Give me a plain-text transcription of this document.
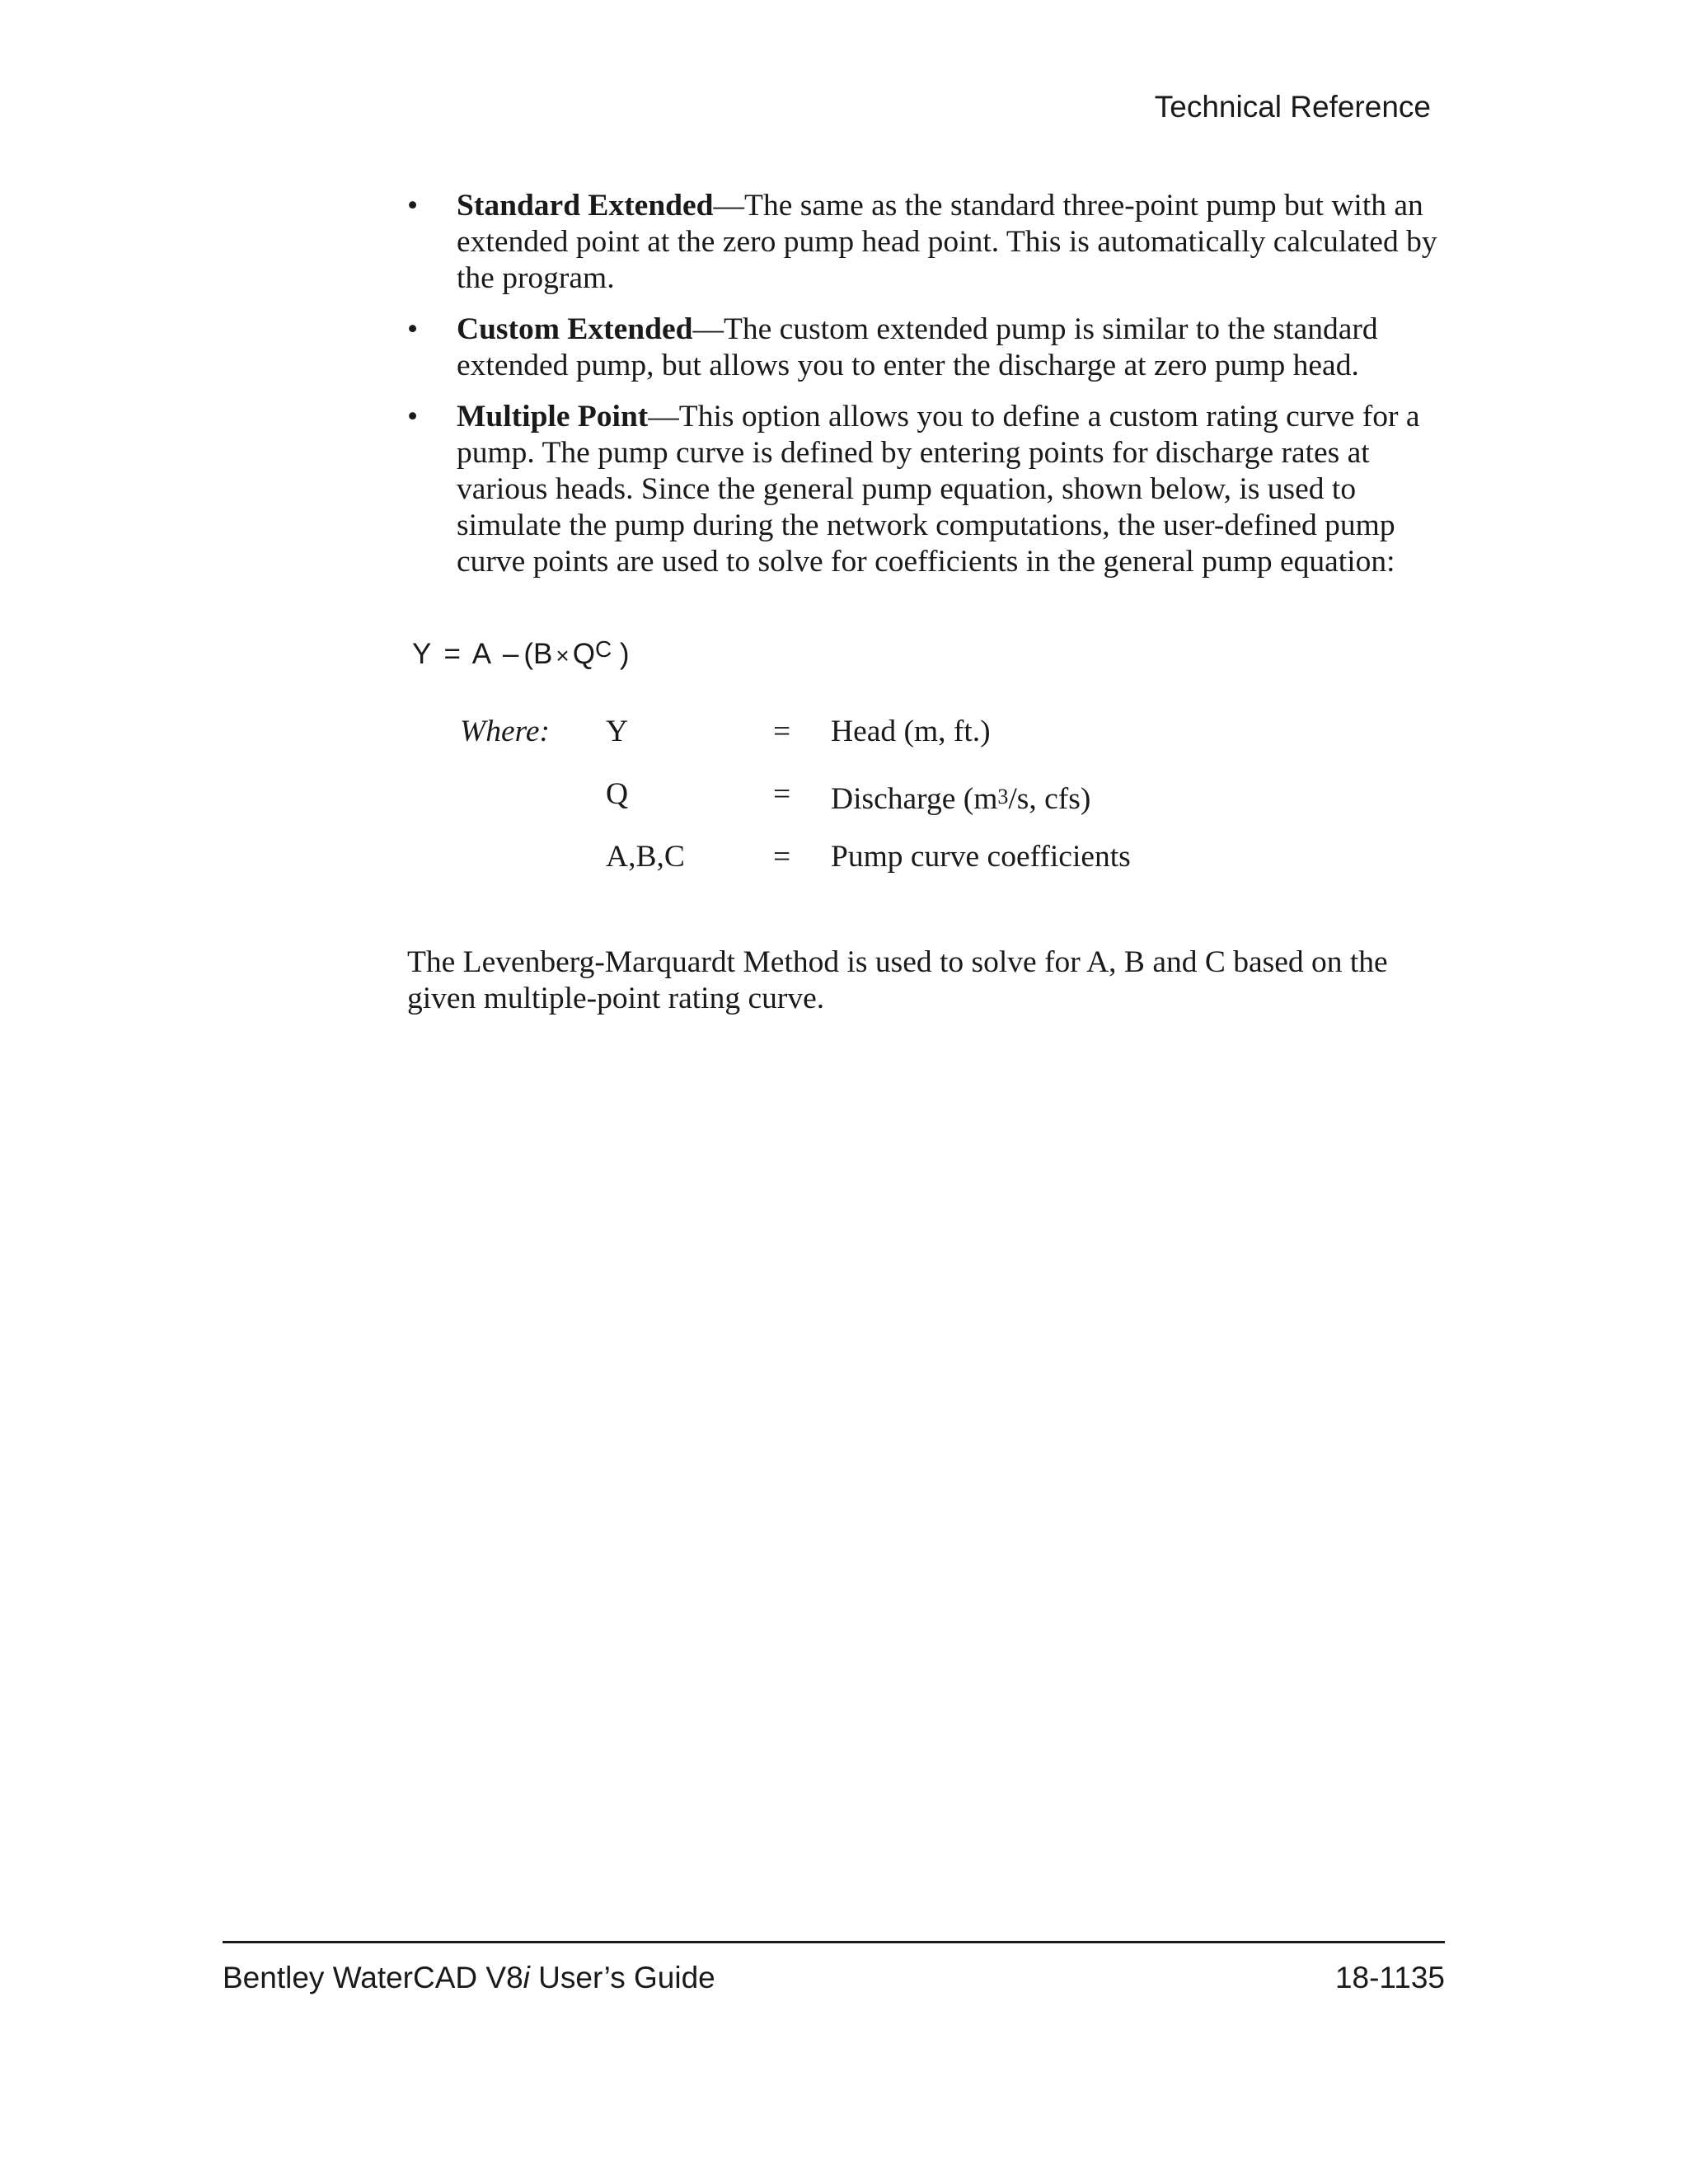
Technical Reference
• Standard Extended—The same as the standard three-point pump but with an extended point at the zero pump head point. This is automatically calculated by the program.
• Custom Extended—The custom extended pump is similar to the standard extended pump, but allows you to enter the discharge at zero pump head.
• Multiple Point—This option allows you to define a custom rating curve for a pump. The pump curve is defined by entering points for discharge rates at various heads. Since the general pump equation, shown below, is used to simulate the pump during the network computations, the user-defined pump curve points are used to solve for coefficients in the general pump equation:
$Y = A - (B \times Q^C$ )
Where: Y	= Head (m, ft.)
Q	= Discharge ($m^3/s$, cfs)
A,B,C	= Pump curve coefficients

The Levenberg-Marquardt Method is used to solve for A, B and C based on the given multiple-point rating curve.

Bentley WaterCAD V8i User’s Guide	18-1135
